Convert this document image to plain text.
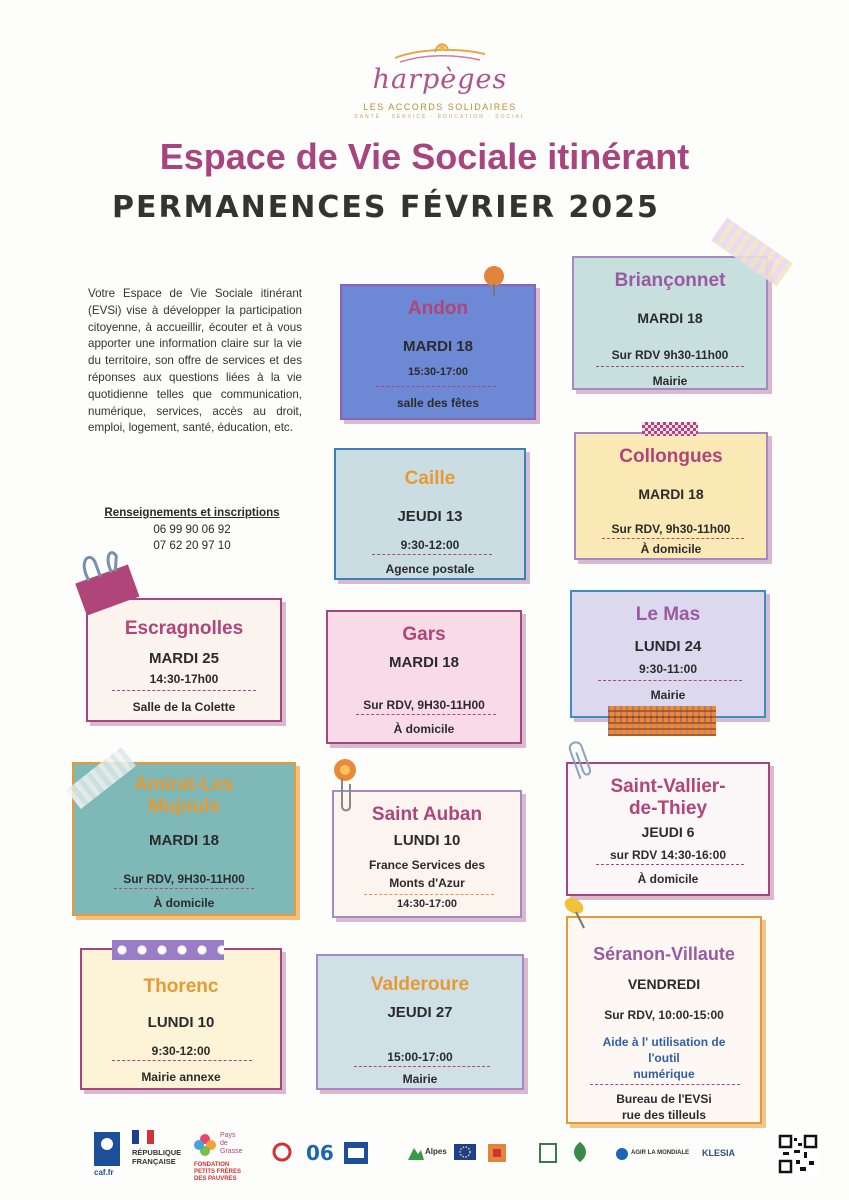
harpèges
LES ACCORDS SOLIDAIRES
SANTÉ · SERVICE · ÉDUCATION · SOCIAL
Espace de Vie Sociale itinérant
PERMANENCES FÉVRIER 2025
Votre Espace de Vie Sociale itinérant (EVSi) vise à développer la participation citoyenne, à accueillir, écouter et à vous apporter une information claire sur la vie du territoire, son offre de services et des réponses aux questions liées à la vie quotidienne telles que communication, numérique, services, accès au droit, emploi, logement, santé, éducation, etc.
Renseignements et inscriptions
06 99 90 06 92
07 62 20 97 10
Andon
MARDI 18
15:30-17:00
salle des fêtes
Briançonnet
MARDI 18
Sur RDV 9h30-11h00
Mairie
Caille
JEUDI 13
9:30-12:00
Agence postale
Collongues
MARDI 18
Sur RDV, 9h30-11h00
À domicile
Escragnolles
MARDI 25
14:30-17h00
Salle de la Colette
Gars
MARDI 18
Sur RDV, 9H30-11H00
À domicile
Le Mas
LUNDI 24
9:30-11:00
Mairie
Amirat-Les
Mujouls
MARDI 18
Sur RDV, 9H30-11H00
À domicile
Saint Auban
LUNDI 10
France Services des
Monts d'Azur
14:30-17:00
Saint-Vallier-
de-Thiey
JEUDI 6
sur RDV 14:30-16:00
À domicile
Thorenc
LUNDI 10
9:30-12:00
Mairie annexe
Valderoure
JEUDI 27
15:00-17:00
Mairie
Séranon-Villaute
VENDREDI
Sur RDV, 10:00-15:00
Aide à l' utilisation de
l'outil
numérique
Bureau de l'EVSi
rue des tilleuls
caf.fr
RÉPUBLIQUE
FRANÇAISE
Pays
de
Grasse
FONDATION
PETITS FRÈRES
DES PAUVRES
06	Alpes	AGIR LA MONDIALE KLESIA
